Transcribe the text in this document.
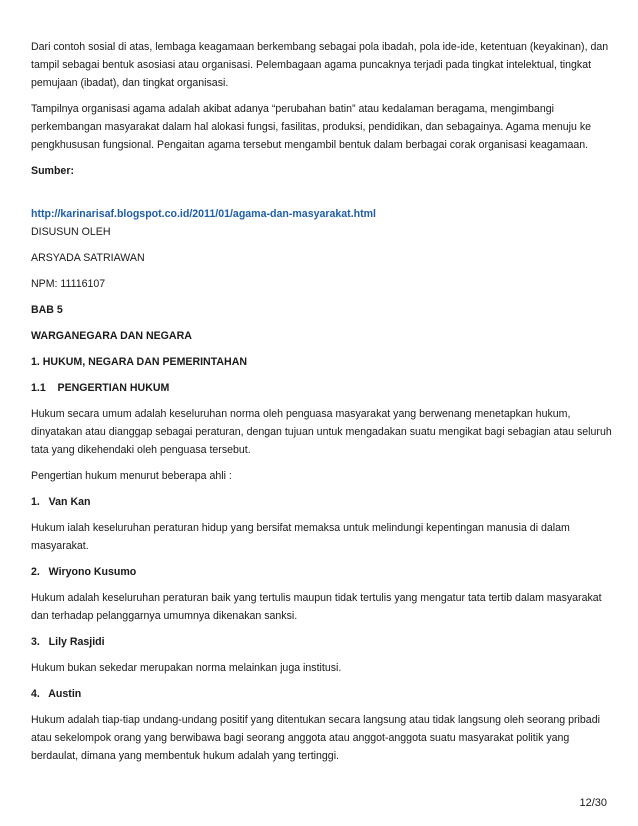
Dari contoh sosial di atas, lembaga keagamaan berkembang sebagai pola ibadah, pola ide-ide, ketentuan (keyakinan), dan tampil sebagai bentuk asosiasi atau organisasi. Pelembagaan agama puncaknya terjadi pada tingkat intelektual, tingkat pemujaan (ibadat), dan tingkat organisasi.

Tampilnya organisasi agama adalah akibat adanya “perubahan batin” atau kedalaman beragama, mengimbangi perkembangan masyarakat dalam hal alokasi fungsi, fasilitas, produksi, pendidikan, dan sebagainya. Agama menuju ke pengkhususan fungsional. Pengaitan agama tersebut mengambil bentuk dalam berbagai corak organisasi keagamaan.

Sumber:

http://karinarisaf.blogspot.co.id/2011/01/agama-dan-masyarakat.html

DISUSUN OLEH

ARSYADA SATRIAWAN

NPM: 11116107

BAB 5

WARGANEGARA DAN NEGARA

1. HUKUM, NEGARA DAN PEMERINTAHAN

1.1    PENGERTIAN HUKUM

Hukum secara umum adalah keseluruhan norma oleh penguasa masyarakat yang berwenang menetapkan hukum, dinyatakan atau dianggap sebagai peraturan, dengan tujuan untuk mengadakan suatu mengikat bagi sebagian atau seluruh tata yang dikehendaki oleh penguasa tersebut.

Pengertian hukum menurut beberapa ahli :

1.   Van Kan

Hukum ialah keseluruhan peraturan hidup yang bersifat memaksa untuk melindungi kepentingan manusia di dalam masyarakat.

2.   Wiryono Kusumo

Hukum adalah keseluruhan peraturan baik yang tertulis maupun tidak tertulis yang mengatur tata tertib dalam masyarakat dan terhadap pelanggarnya umumnya dikenakan sanksi.

3.   Lily Rasjidi

Hukum bukan sekedar merupakan norma melainkan juga institusi.

4.   Austin

Hukum adalah tiap-tiap undang-undang positif yang ditentukan secara langsung atau tidak langsung oleh seorang pribadi atau sekelompok orang yang berwibawa bagi seorang anggota atau anggot-anggota suatu masyarakat politik yang berdaulat, dimana yang membentuk hukum adalah yang tertinggi.

12/30
